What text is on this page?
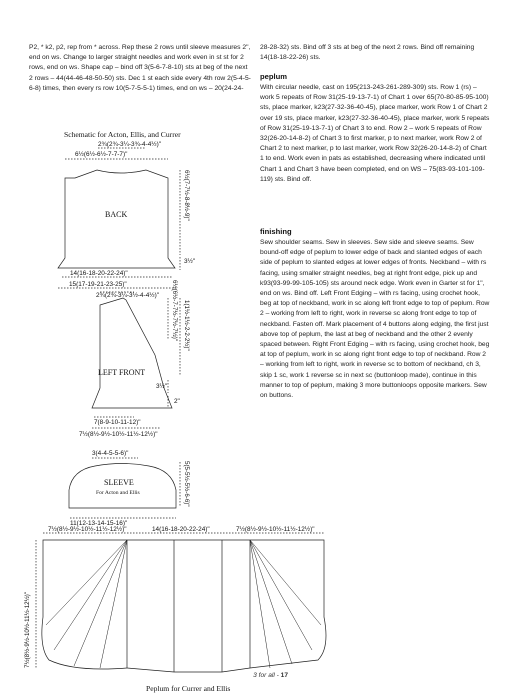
P2, * k2, p2, rep from * across. Rep these 2 rows until sleeve measures 2", end on ws. Change to larger straight needles and work even in st st for 2 rows, end on ws. Shape cap – bind off 3(5-6-7-8-10) sts at beg of the next 2 rows – 44(44-46-48-50-50) sts. Dec 1 st each side every 4th row 2(5-4-5-6-8) times, then every rs row 10(5-7-5-5-1) times, end on ws – 20(24-24-

Schematic for Acton, Ellis, and Currer

28-28-32) sts. Bind off 3 sts at beg of the next 2 rows. Bind off remaining 14(18-18-22-26) sts.

peplum

With circular needle, cast on 195(213-243-261-289-309) sts. Row 1 (rs) – work 5 repeats of Row 31(25-19-13-7-1) of Chart 1 over 65(70-80-85-95-100) sts, place marker, k23(27-32-36-40-45), place marker, work Row 1 of Chart 2 over 19 sts, place marker, k23(27-32-36-40-45), place marker, work 5 repeats of Row 31(25-19-13-7-1) of Chart 3 to end. Row 2 – work 5 repeats of Row 32(26-20-14-8-2) of Chart 3 to first marker, p to next marker, work Row 2 of Chart 2 to next marker, p to last marker, work Row 32(26-20-14-8-2) of Chart 1 to end. Work even in pats as established, decreasing where indicated until Chart 1 and Chart 3 have been completed, end on WS – 75(83-93-101-109-119) sts. Bind off.

finishing

Sew shoulder seams. Sew in sleeves. Sew side and sleeve seams. Sew bound-off edge of peplum to lower edge of back and slanted edges of each side of peplum to slanted edges at lower edges of fronts. Neckband – with rs facing, using smaller straight needles, beg at right front edge, pick up and k93(93-99-99-105-105) sts around neck edge. Work even in Garter st for 1", end on ws. Bind off. Left Front Edging – with rs facing, using crochet hook, beg at top of neckband, work in sc along left front edge to top of peplum. Row 2 – working from left to right, work in reverse sc along front edge to top of neckband. Fasten off. Mark placement of 4 buttons along edging, the first just above top of peplum, the last at beg of neckband and the other 2 evenly spaced between. Right Front Edging – with rs facing, using crochet hook, beg at top of peplum, work in sc along right front edge to top of neckband. Row 2 – working from left to right, work in reverse sc to bottom of neckband, ch 3, skip 1 sc, work 1 reverse sc in next sc (buttonloop made), continue in this manner to top of peplum, making 3 more buttonloops opposite markers. Sew on buttons.

2¾(2¾-3¼-3¾-4-4½)"
6½(6½-6½-7-7-7)"
6½(7-7½-8-8½-9)"
3½"
BACK
14(16-18-20-22-24)"
15(17-19-21-23-25)"
2¾(2¾-3¼-3½-4-4½)" 6½(6½-7-7½-7½-7½)" 1(1½-1½-2-2-2½)"
LEFT FRONT
3½"
2"
7(8-9-10-11-12)"
7½(8½-9½-10½-11½-12½)"
3(4-4-5-5-6)"
5(5-5½-5½-6-6)"
SLEEVE
For Acton and Ellis
11(12-13-14-15-16)"
7½(8½-9½-10½-11½-12½)"	14(16-18-20-22-24)"	7½(8½-9½-10½-11½-12½)"
7½(8½-9½-10½-11½-12½)"
Peplum for Currer and Ellis
3 for all - 17
